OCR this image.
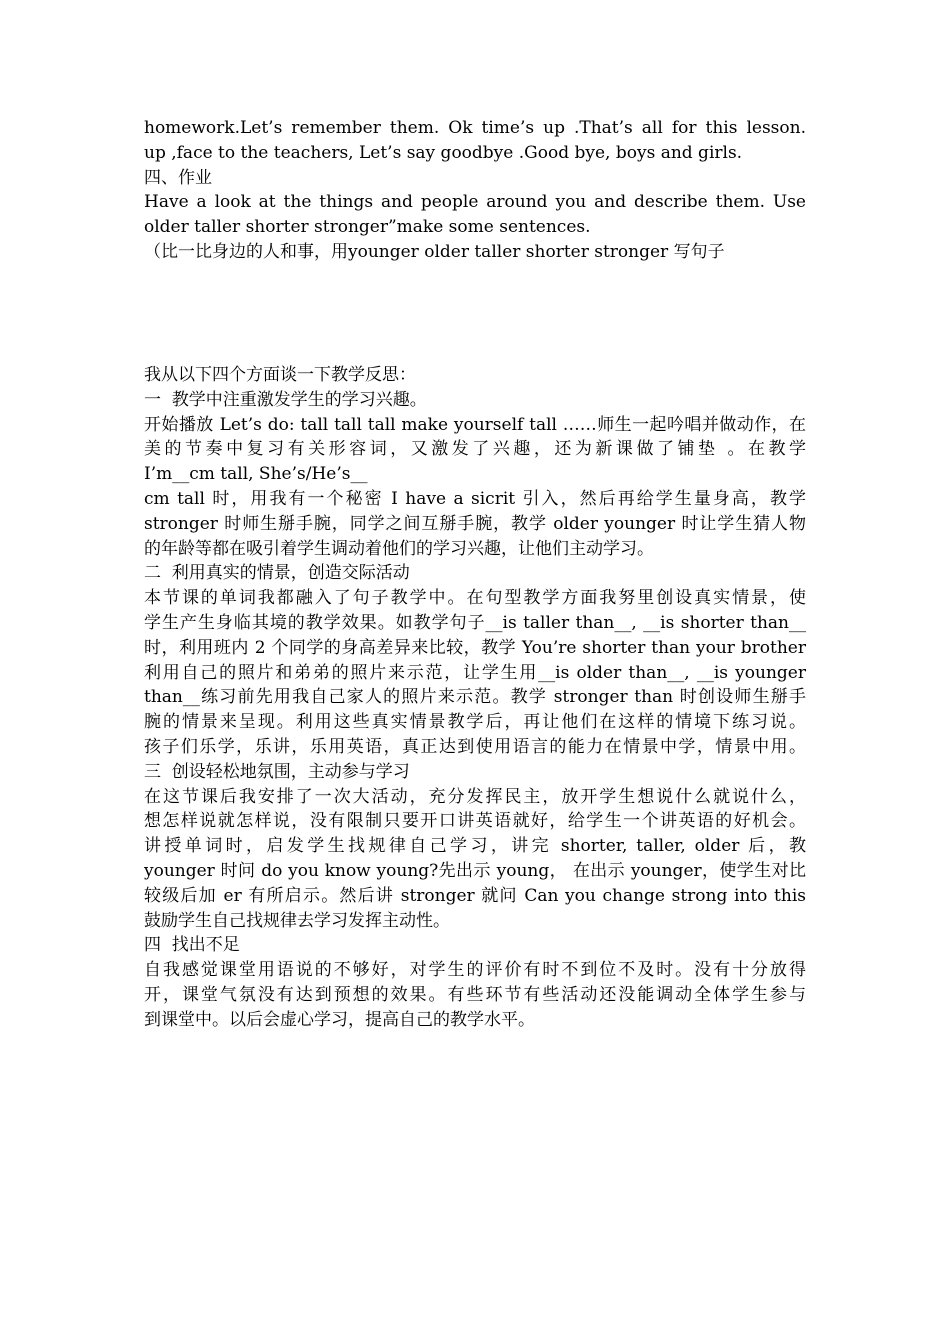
homework.Let’s remember them. Ok time’s up .That’s all for this lesson.
up ,face to the teachers, Let’s say goodbye .Good bye, boys and girls.
四、作业
Have a look at the things and people around you and describe them. Use
older taller shorter stronger”make some sentences.
（比一比身边的人和事，用younger older taller shorter stronger 写句子
我从以下四个方面谈一下教学反思：
一  教学中注重激发学生的学习兴趣。
开始播放 Let’s do: tall tall tall make yourself tall ……师生一起吟唱并做动作，在
美的节奏中复习有关形容词，又激发了兴趣，还为新课做了铺垫 。在教学
I’m__cm tall, She’s/He’s__
cm tall 时，用我有一个秘密 I have a sicrit 引入，然后再给学生量身高，教学
stronger 时师生掰手腕，同学之间互掰手腕，教学 older younger 时让学生猜人物
的年龄等都在吸引着学生调动着他们的学习兴趣，让他们主动学习。
二  利用真实的情景，创造交际活动
本节课的单词我都融入了句子教学中。在句型教学方面我努里创设真实情景，使
学生产生身临其境的教学效果。如教学句子__is taller than__, __is shorter than__
时，利用班内 2 个同学的身高差异来比较，教学 You’re shorter than your brother
利用自己的照片和弟弟的照片来示范，让学生用__is older than__, __is younger
than__练习前先用我自己家人的照片来示范。教学 stronger than 时创设师生掰手
腕的情景来呈现。利用这些真实情景教学后，再让他们在这样的情境下练习说。
孩子们乐学，乐讲，乐用英语，真正达到使用语言的能力在情景中学，情景中用。
三  创设轻松地氛围，主动参与学习
在这节课后我安排了一次大活动，充分发挥民主，放开学生想说什么就说什么，
想怎样说就怎样说，没有限制只要开口讲英语就好，给学生一个讲英语的好机会。
讲授单词时，启发学生找规律自己学习，讲完 shorter, taller, older 后，教
younger 时问 do you know young?先出示 young， 在出示 younger，使学生对比
较级后加 er 有所启示。然后讲 stronger 就问 Can you change strong into this
鼓励学生自己找规律去学习发挥主动性。
四  找出不足
自我感觉课堂用语说的不够好，对学生的评价有时不到位不及时。没有十分放得
开，课堂气氛没有达到预想的效果。有些环节有些活动还没能调动全体学生参与
到课堂中。以后会虚心学习，提高自己的教学水平。
